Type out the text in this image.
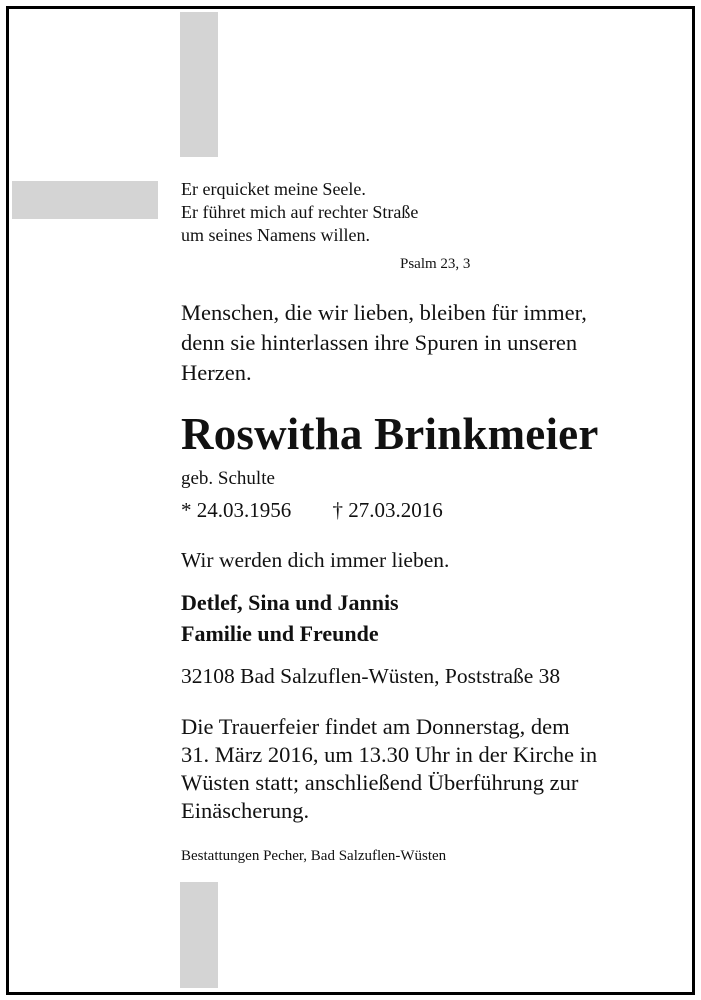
Er erquicket meine Seele.
Er führet mich auf rechter Straße
um seines Namens willen.
Psalm 23, 3
Menschen, die wir lieben, bleiben für immer,
denn sie hinterlassen ihre Spuren in unseren
Herzen.
Roswitha Brinkmeier
geb. Schulte
* 24.03.1956 † 27.03.2016
Wir werden dich immer lieben.
Detlef, Sina und Jannis
Familie und Freunde
32108 Bad Salzuflen-Wüsten, Poststraße 38
Die Trauerfeier findet am Donnerstag, dem
31. März 2016, um 13.30 Uhr in der Kirche in
Wüsten statt; anschließend Überführung zur
Einäscherung.
Bestattungen Pecher, Bad Salzuflen-Wüsten
